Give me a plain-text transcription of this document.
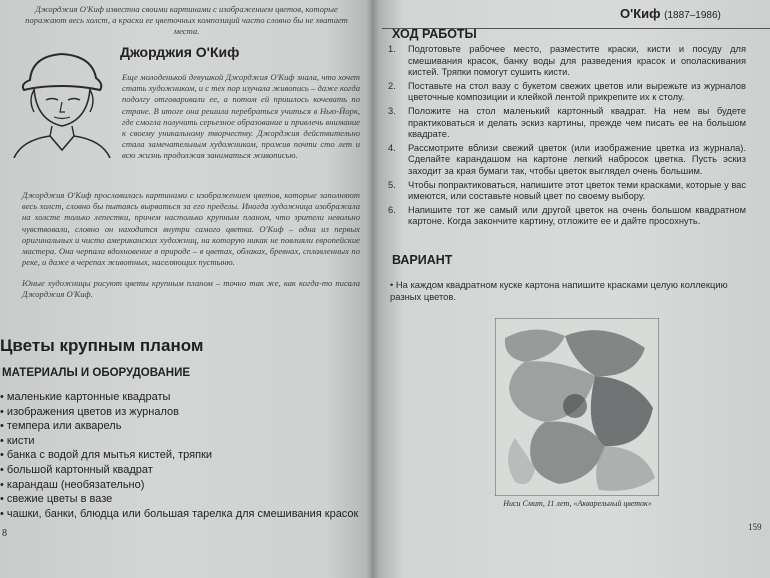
Джорджия О'Киф известна своими картинами с изображением цветов, которые поражают весь холст, а краски ее цветочных композиций часто словно бы не хватает места.
Джорджия О'Киф
Еще молоденькой девушкой Джорджия О'Киф знала, что хочет стать художником, и с тех пор изучала живопись – даже когда подолгу отговаривали ее, а потом ей пришлось кочевать по стране. В итоге она решила перебраться учиться в Нью-Йорк, где смогла получить серьезное образование и привлечь внимание к своему уникальному творчеству. Джорджия действительно стала замечательным художником, прожив почти сто лет и всю жизнь продолжая заниматься живописью.
Джорджия О'Киф прославилась картинами с изображением цветов, которые заполняют весь холст, словно бы пытаясь вырваться за его пределы. Иногда художница изображала на холсте только лепестки, причем настолько крупным планом, что зрители невольно чувствовали, словно он находится внутри самого цветка. О'Киф – одна из первых оригинальных и чисто американских художниц, на которую никак не повлияли европейские мастера. Она черпала вдохновение в природе – в цветах, облаках, бревнах, сплавленных по реке, и даже в черепах животных, населяющих пустыню.
Юные художницы рисуют цветы крупным планом – точно так же, как когда-то писала Джорджия О'Киф.
Цветы крупным планом
МАТЕРИАЛЫ И ОБОРУДОВАНИЕ
• маленькие картонные квадраты
• изображения цветов из журналов
• темпера или акварель
• кисти
• банка с водой для мытья кистей, тряпки
• большой картонный квадрат
• карандаш (необязательно)
• свежие цветы в вазе
• чашки, банки, блюдца или большая тарелка для смешивания красок
8
О'Киф (1887–1986)
ХОД РАБОТЫ
1. Подготовьте рабочее место, разместите краски, кисти и посуду для смешивания красок, банку воды для разведения красок и ополаскивания кистей. Тряпки помогут сушить кисти.
2. Поставьте на стол вазу с букетом свежих цветов или вырежьте из журналов цветочные композиции и клейкой лентой прикрепите их к столу.
3. Положите на стол маленький картонный квадрат. На нем вы будете практиковаться и делать эскиз картины, прежде чем писать ее на большом квадрате.
4. Рассмотрите вблизи свежий цветок (или изображение цветка из журнала). Сделайте карандашом на картоне легкий набросок цветка. Пусть эскиз заходит за края бумаги так, чтобы цветок выглядел очень большим.
5. Чтобы попрактиковаться, напишите этот цветок теми красками, которые у вас имеются, или составьте новый цвет по своему выбору.
6. Напишите тот же самый или другой цветок на очень большом квадратном картоне. Когда закончите картину, отложите ее и дайте просохнуть.
ВАРИАНТ
• На каждом квадратном куске картона напишите красками целую коллекцию разных цветов.
Ниси Смит, 11 лет, «Акварельный цветок»
159
